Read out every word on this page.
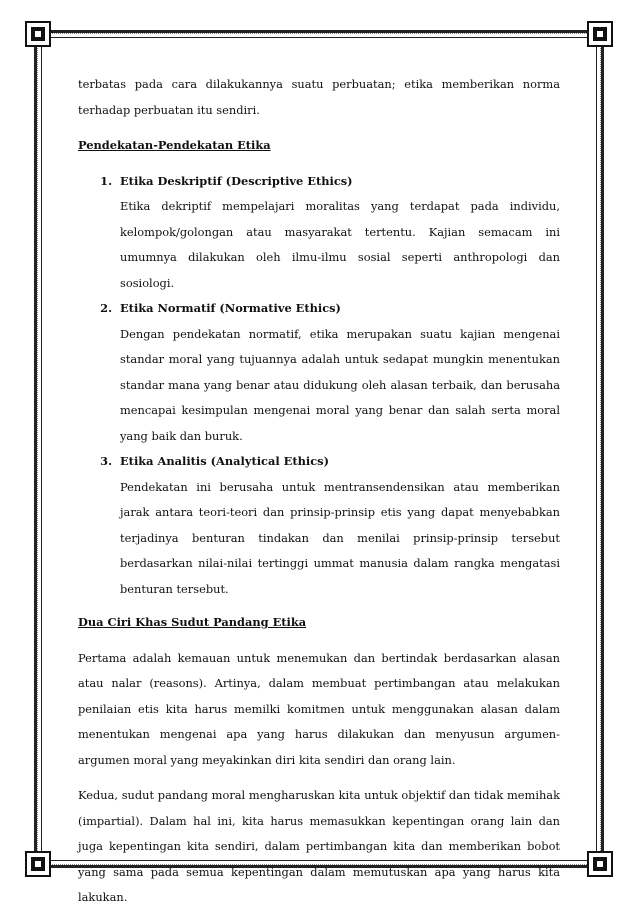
terbatas pada cara dilakukannya suatu perbuatan; etika memberikan norma terhadap perbuatan itu sendiri.

Pendekatan-Pendekatan Etika

1. Etika Deskriptif (Descriptive Ethics)
Etika dekriptif mempelajari moralitas yang terdapat pada individu, kelompok/golongan atau masyarakat tertentu. Kajian semacam ini umumnya dilakukan oleh ilmu-ilmu sosial seperti anthropologi dan sosiologi.
2. Etika Normatif (Normative Ethics)
Dengan pendekatan normatif, etika merupakan suatu kajian mengenai standar moral yang tujuannya adalah untuk sedapat mungkin menentukan standar mana yang benar atau didukung oleh alasan terbaik, dan berusaha mencapai kesimpulan mengenai moral yang benar dan salah serta moral yang baik dan buruk.
3. Etika Analitis (Analytical Ethics)
Pendekatan ini berusaha untuk mentransendensikan atau memberikan jarak antara teori-teori dan prinsip-prinsip etis yang dapat menyebabkan terjadinya benturan tindakan dan menilai prinsip-prinsip tersebut berdasarkan nilai-nilai tertinggi ummat manusia dalam rangka mengatasi benturan tersebut.

Dua Ciri Khas Sudut Pandang Etika

Pertama adalah kemauan untuk menemukan dan bertindak berdasarkan alasan atau nalar (reasons). Artinya, dalam membuat pertimbangan atau melakukan penilaian etis kita harus memilki komitmen untuk menggunakan alasan dalam menentukan mengenai apa yang harus dilakukan dan menyusun argumen-argumen moral yang meyakinkan diri kita sendiri dan orang lain.

Kedua, sudut pandang moral mengharuskan kita untuk objektif dan tidak memihak (impartial). Dalam hal ini, kita harus memasukkan kepentingan orang lain dan juga kepentingan kita sendiri, dalam pertimbangan kita dan memberikan bobot yang sama pada semua kepentingan dalam memutuskan apa yang harus kita lakukan.
